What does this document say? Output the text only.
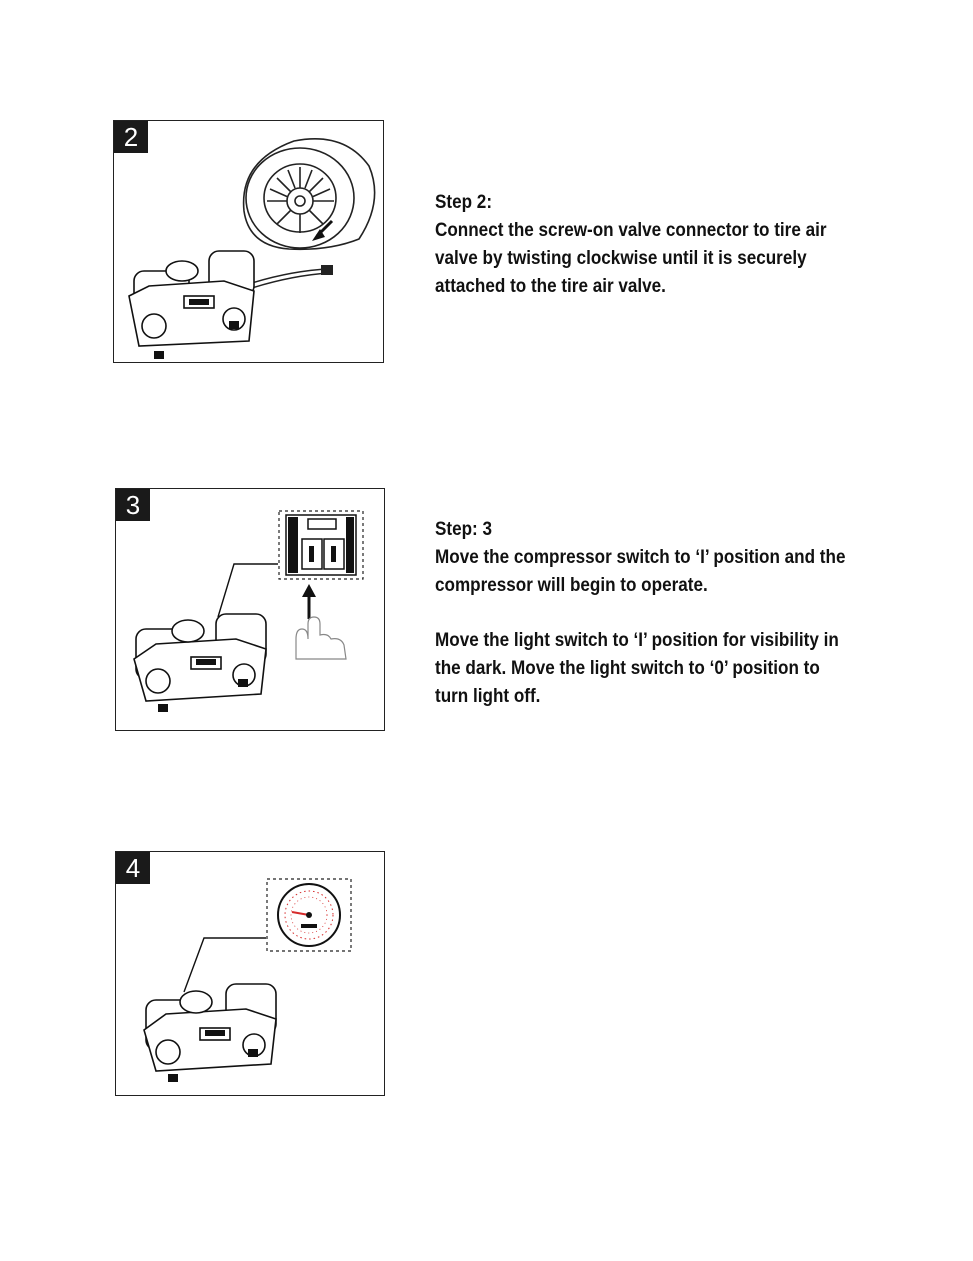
2

Step 2:

Connect the screw-on valve connector to tire air

valve by twisting clockwise until it is securely

attached to the tire air valve.

3

Step: 3

Move the compressor switch to ‘I’ position and the

compressor will begin to operate.

Move the light switch to ‘I’ position for visibility in

the dark. Move the light switch to ‘0’ position to

turn light off.

4
